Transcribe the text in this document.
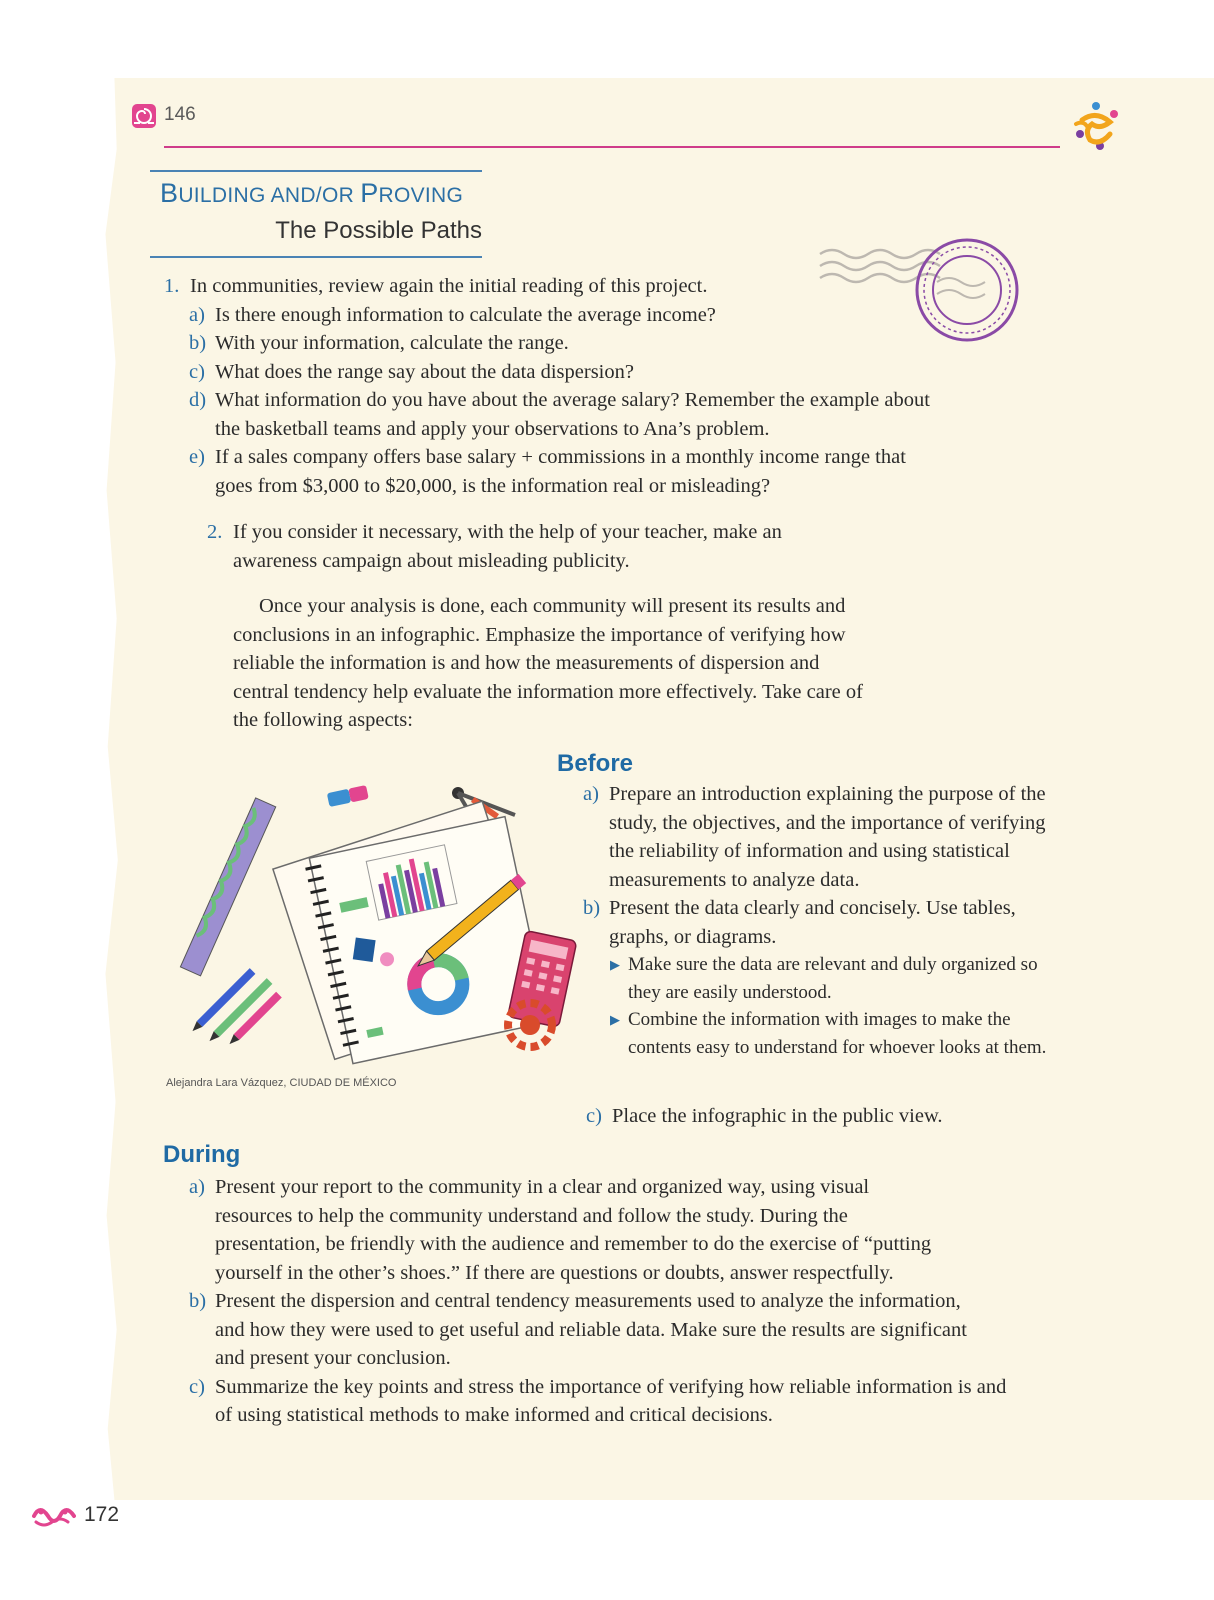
146
BUILDING AND/OR PROVING
The Possible Paths
1. In communities, review again the initial reading of this project.
a) Is there enough information to calculate the average income?
b) With your information, calculate the range.
c) What does the range say about the data dispersion?
d) What information do you have about the average salary? Remember the example about the basketball teams and apply your observations to Ana’s problem.
e) If a sales company offers base salary + commissions in a monthly income range that goes from $3,000 to $20,000, is the information real or misleading?
2. If you consider it necessary, with the help of your teacher, make an awareness campaign about misleading publicity.
Once your analysis is done, each community will present its results and conclusions in an infographic. Emphasize the importance of verifying how reliable the information is and how the measurements of dispersion and central tendency help evaluate the information more effectively. Take care of the following aspects:
Before
a) Prepare an introduction explaining the purpose of the study, the objectives, and the importance of verifying the reliability of information and using statistical measurements to analyze data.
b) Present the data clearly and concisely. Use tables, graphs, or diagrams.
▶ Make sure the data are relevant and duly organized so they are easily understood.
▶ Combine the information with images to make the contents easy to understand for whoever looks at them.
c) Place the infographic in the public view.
Alejandra Lara Vázquez, CIUDAD DE MÉXICO
During
a) Present your report to the community in a clear and organized way, using visual resources to help the community understand and follow the study. During the presentation, be friendly with the audience and remember to do the exercise of “putting yourself in the other’s shoes.” If there are questions or doubts, answer respectfully.
b) Present the dispersion and central tendency measurements used to analyze the information, and how they were used to get useful and reliable data. Make sure the results are significant and present your conclusion.
c) Summarize the key points and stress the importance of verifying how reliable information is and of using statistical methods to make informed and critical decisions.
172
